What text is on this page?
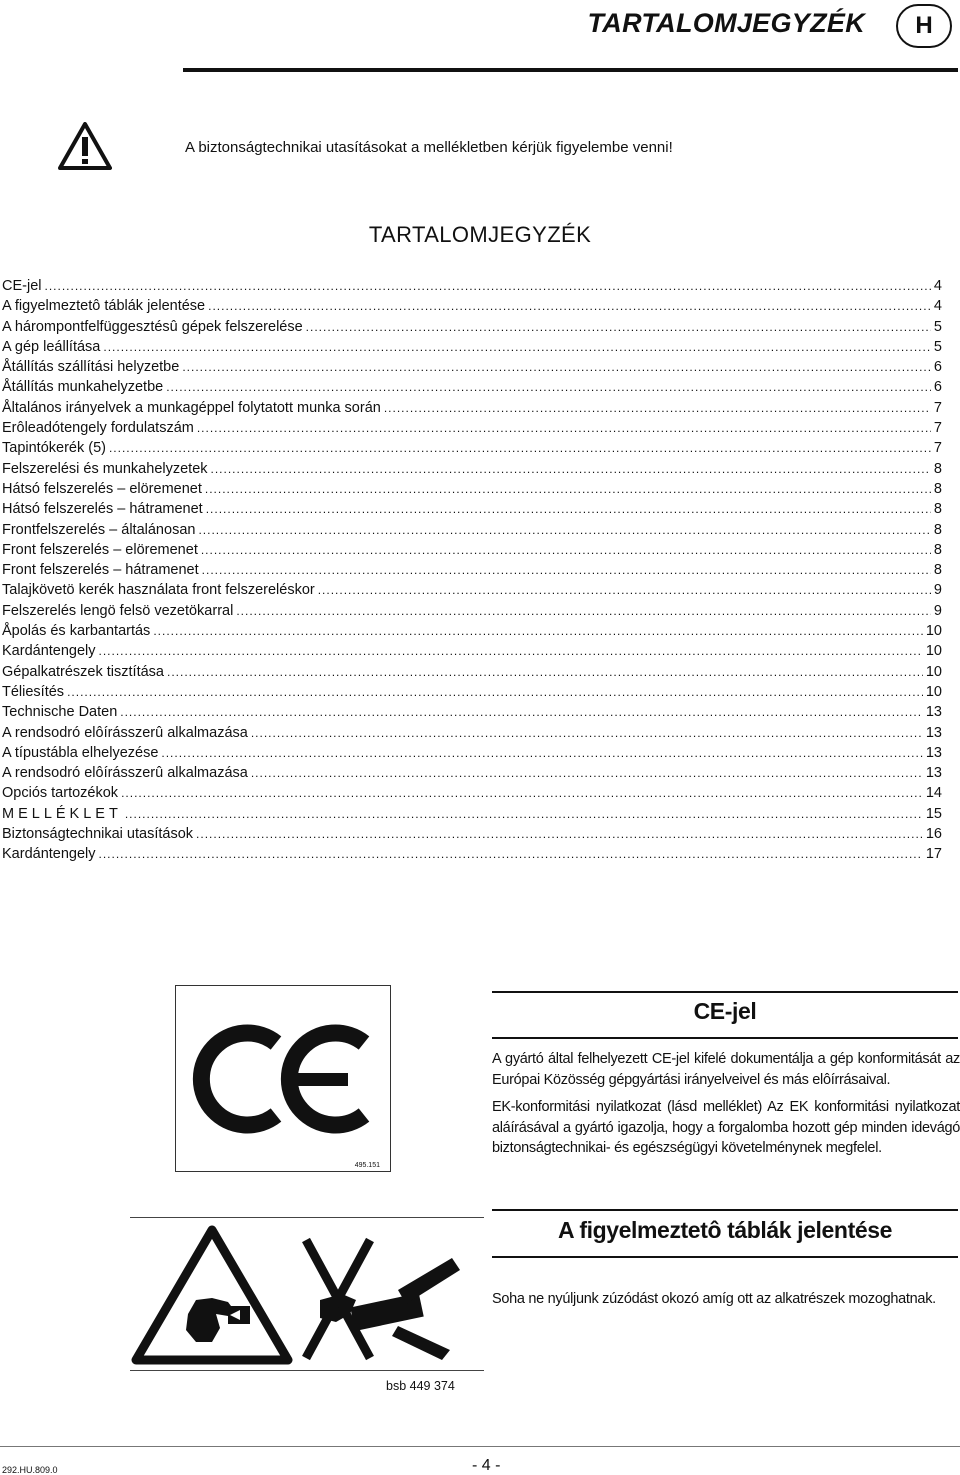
TARTALOMJEGYZÉK	H
A biztonságtechnikai utasításokat a mellékletben kérjük figyelembe venni!
TARTALOMJEGYZÉK
CE-jel .....	4
A figyelmeztetô táblák jelentése .....	4
A hárompontfelfüggesztésû gépek felszerelése .....	5
A gép leállítása .....	5
Åtállítás szállítási helyzetbe .....	6
Åtállítás munkahelyzetbe .....	6
Åltalános irányelvek a munkagéppel folytatott munka során .....	7
Erôleadótengely fordulatszám .....	7
Tapintókerék (5) .....	7
Felszerelési és munkahelyzetek .....	8
Hátsó felszerelés – elöremenet .....	8
Hátsó felszerelés – hátramenet .....	8
Frontfelszerelés – általánosan .....	8
Front felszerelés – elöremenet .....	8
Front felszerelés – hátramenet .....	8
Talajkövetö kerék használata front felszereléskor .....	9
Felszerelés lengö felsö vezetökarral .....	9
Åpolás és karbantartás .....	10
Kardántengely .....	10
Gépalkatrészek tisztítása .....	10
Téliesítés .....	10
Technische Daten .....	13
A rendsodró elôírásszerû alkalmazása .....	13
A típustábla elhelyezése .....	13
A rendsodró elôírásszerû alkalmazása .....	13
Opciós tartozékok .....	14
MELLÉKLET .....	15
Biztonságtechnikai utasítások .....	16
Kardántengely .....	17
495.151
CE-jel
A gyártó által felhelyezett CE-jel kifelé dokumentálja a gép konformitását az Európai Közösség gépgyártási irányelveivel és más elôírrásaival.
EK-konformitási nyilatkozat (lásd melléklet) Az EK konformitási nyilatkozat aláírásával a gyártó igazolja, hogy a forgalomba hozott gép minden idevágó biztonságtechnikai- és egészségügyi követelménynek megfelel.
bsb 449 374
A figyelmeztetô táblák jelentése
Soha ne nyúljunk zúzódást okozó amíg ott az alkatrészek mozoghatnak.
292.HU.809.0	- 4 -
